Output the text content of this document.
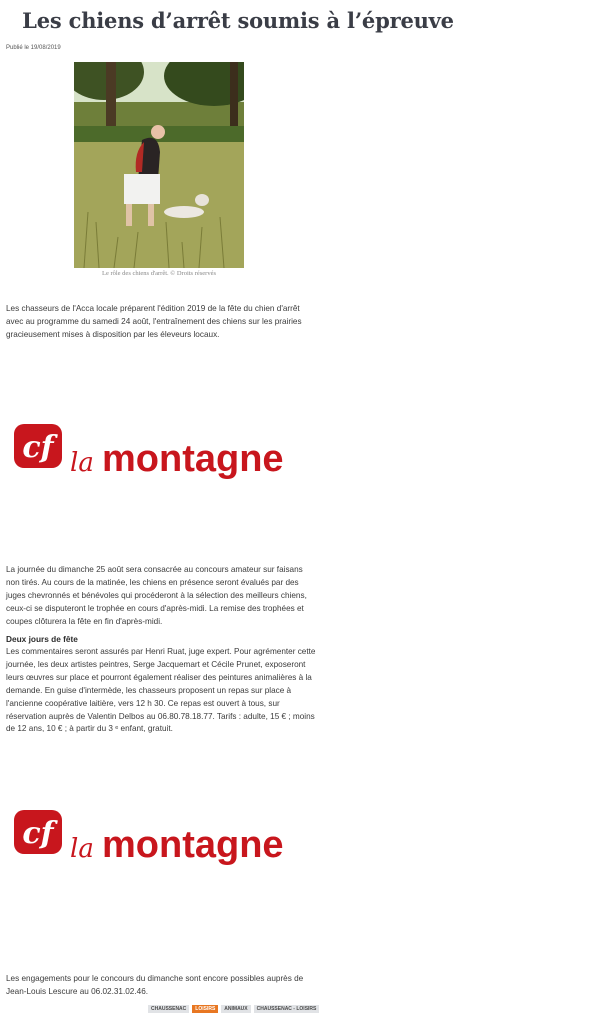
Les chiens d’arrêt soumis à l’épreuve
Publié le 19/08/2019
Le rôle des chiens d'arrêt. © Droits réservés

Les chasseurs de l'Acca locale préparent l'édition 2019 de la fête du chien d'arrêt avec au programme du samedi 24 août, l'entraînement des chiens sur les prairies gracieusement mises à disposition par les éleveurs locaux.

cf la montagne

La journée du dimanche 25 août sera consacrée au concours amateur sur faisans non tirés. Au cours de la matinée, les chiens en présence seront évalués par des juges chevronnés et bénévoles qui procéderont à la sélection des meilleurs chiens, ceux-ci se disputeront le trophée en cours d'après-midi. La remise des trophées et coupes clôturera la fête en fin d'après-midi.

Deux jours de fête

Les commentaires seront assurés par Henri Ruat, juge expert. Pour agrémenter cette journée, les deux artistes peintres, Serge Jacquemart et Cécile Prunet, exposeront leurs œuvres sur place et pourront également réaliser des peintures animalières à la demande. En guise d'intermède, les chasseurs proposent un repas sur place à l'ancienne coopérative laitière, vers 12 h 30. Ce repas est ouvert à tous, sur réservation auprès de Valentin Delbos au 06.80.78.18.77. Tarifs : adulte, 15 € ; moins de 12 ans, 10 € ; à partir du 3 ᵉ enfant, gratuit.

cf la montagne

Les engagements pour le concours du dimanche sont encore possibles auprès de Jean-Louis Lescure au 06.02.31.02.46.

CHAUSSENAC	LOISIRS	ANIMAUX	CHAUSSENAC - LOISIRS
